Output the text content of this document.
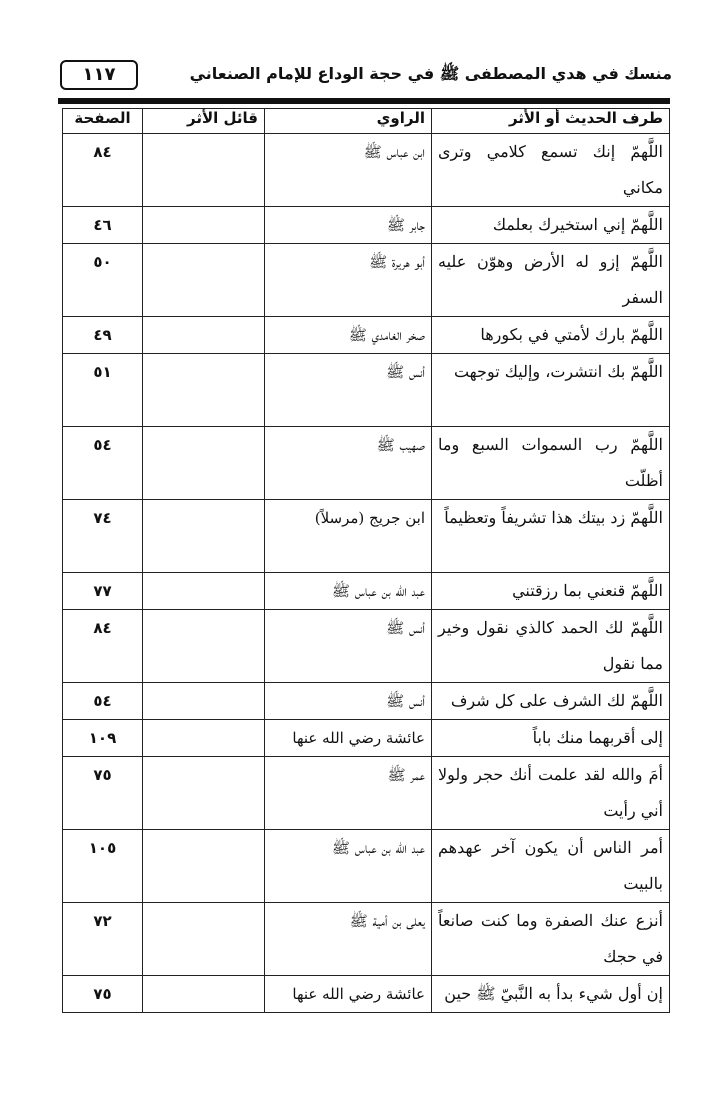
١١٧	منسك في هدي المصطفى ﷺ في حجة الوداع للإمام الصنعاني
طرف الحديث أو الأثر	الراوي	قائل الأثر	الصفحة
اللَّهمّ إنك تسمع كلامي وترى مكاني	ابن عباس ﷺ		٨٤
اللَّهمّ إني استخيرك بعلمك	جابر ﷺ		٤٦
اللَّهمّ إزو له الأرض وهوّن عليه السفر	أبو هريرة ﷺ		٥٠
اللَّهمّ بارك لأمتي في بكورها	صخر الغامدي ﷺ		٤٩
اللَّهمّ بك انتشرت، وإليك توجهت	أنس ﷺ		٥١
اللَّهمّ رب السموات السبع وما أظلّت	صهيب ﷺ		٥٤
اللَّهمّ زد بيتك هذا تشريفاً وتعظيماً	ابن جريج (مرسلاً)		٧٤
اللَّهمّ قنعني بما رزقتني	عبد الله بن عباس ﷺ		٧٧
اللَّهمّ لك الحمد كالذي نقول وخير مما نقول	أنس ﷺ		٨٤
اللَّهمّ لك الشرف على كل شرف	أنس ﷺ		٥٤
إلى أقربهما منك باباً	عائشة رضي الله عنها		١٠٩
أمَ والله لقد علمت أنك حجر ولولا أني رأيت	عمر ﷺ		٧٥
أمر الناس أن يكون آخر عهدهم بالبيت	عبد الله بن عباس ﷺ		١٠٥
أنزع عنك الصفرة وما كنت صانعاً في حجك	يعلى بن أمية ﷺ		٧٢
إن أول شيء بدأ به النَّبيّ ﷺ حين	عائشة رضي الله عنها		٧٥
